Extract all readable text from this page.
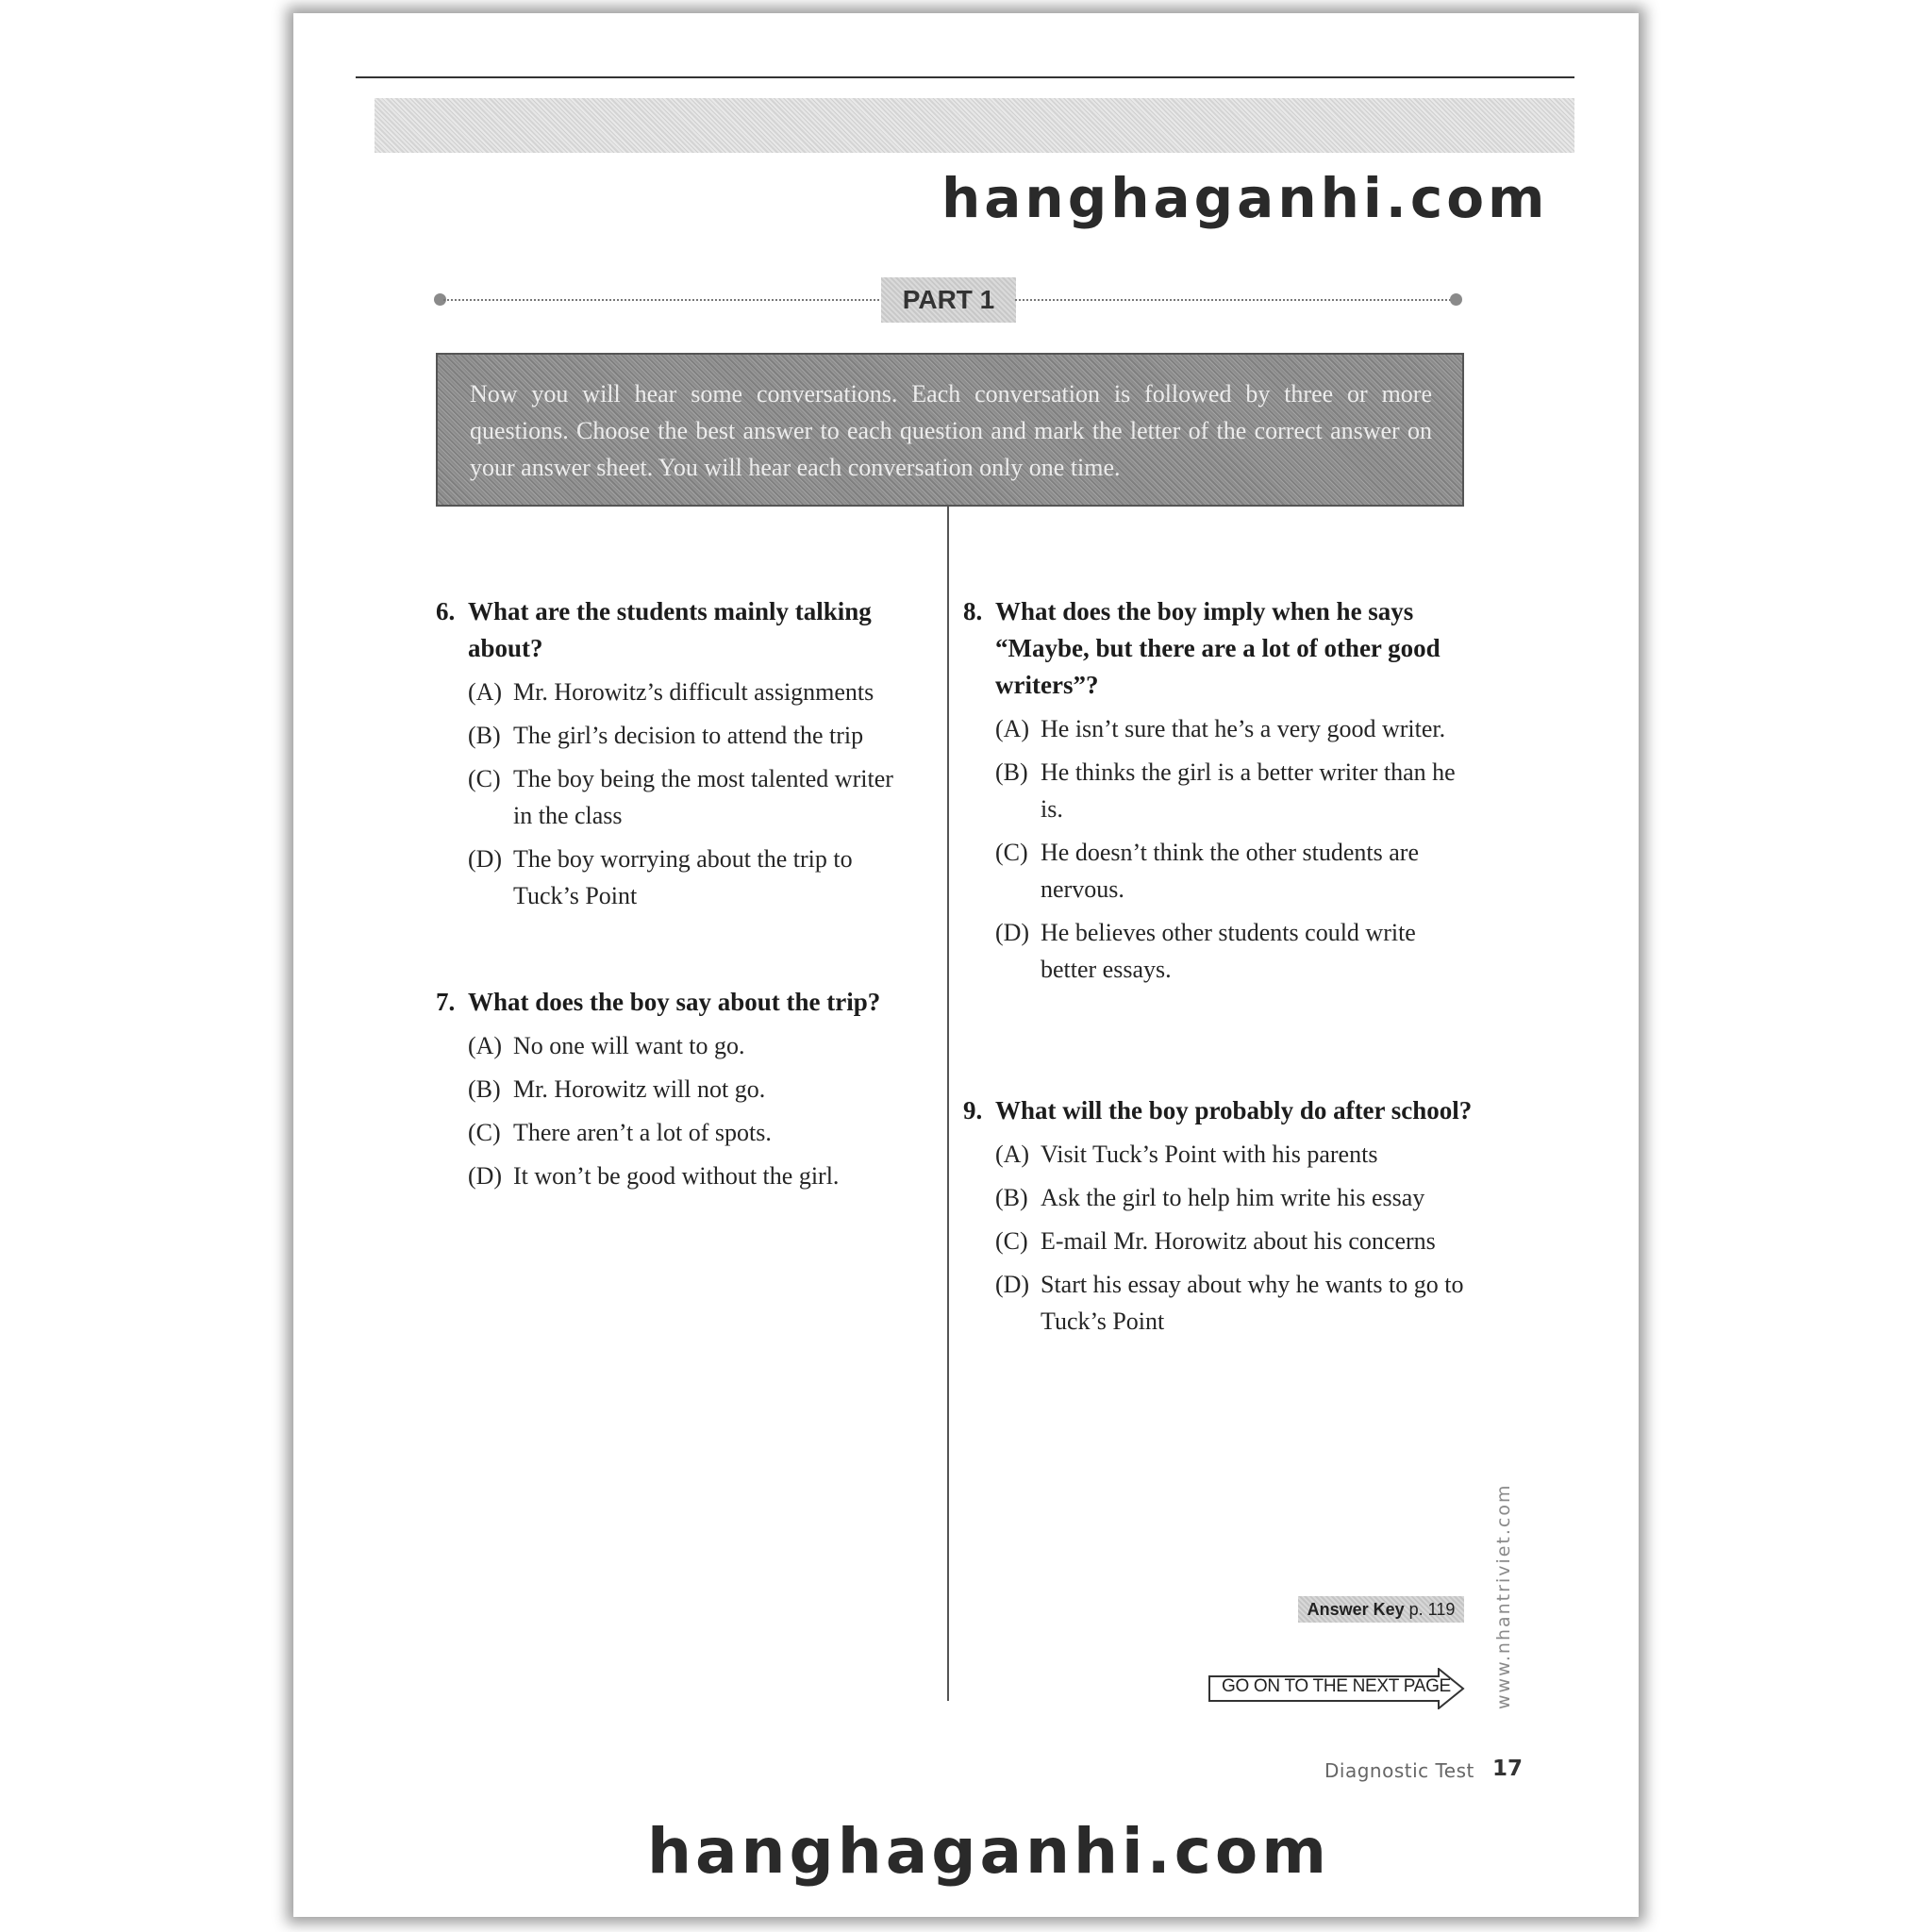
hanghaganhi.com
PART 1
Now you will hear some conversations. Each conversation is followed by three or more questions. Choose the best answer to each question and mark the letter of the correct answer on your answer sheet. You will hear each conversation only one time.
6. What are the students mainly talking about?
(A) Mr. Horowitz’s difficult assignments
(B) The girl’s decision to attend the trip
(C) The boy being the most talented writer in the class
(D) The boy worrying about the trip to Tuck’s Point
7. What does the boy say about the trip?
(A) No one will want to go.
(B) Mr. Horowitz will not go.
(C) There aren’t a lot of spots.
(D) It won’t be good without the girl.
8. What does the boy imply when he says “Maybe, but there are a lot of other good writers”?
(A) He isn’t sure that he’s a very good writer.
(B) He thinks the girl is a better writer than he is.
(C) He doesn’t think the other students are nervous.
(D) He believes other students could write better essays.
9. What will the boy probably do after school?
(A) Visit Tuck’s Point with his parents
(B) Ask the girl to help him write his essay
(C) E-mail Mr. Horowitz about his concerns
(D) Start his essay about why he wants to go to Tuck’s Point
Answer Key p. 119
GO ON TO THE NEXT PAGE www.nhantriviet.com
Diagnostic Test 17
hanghaganhi.com
